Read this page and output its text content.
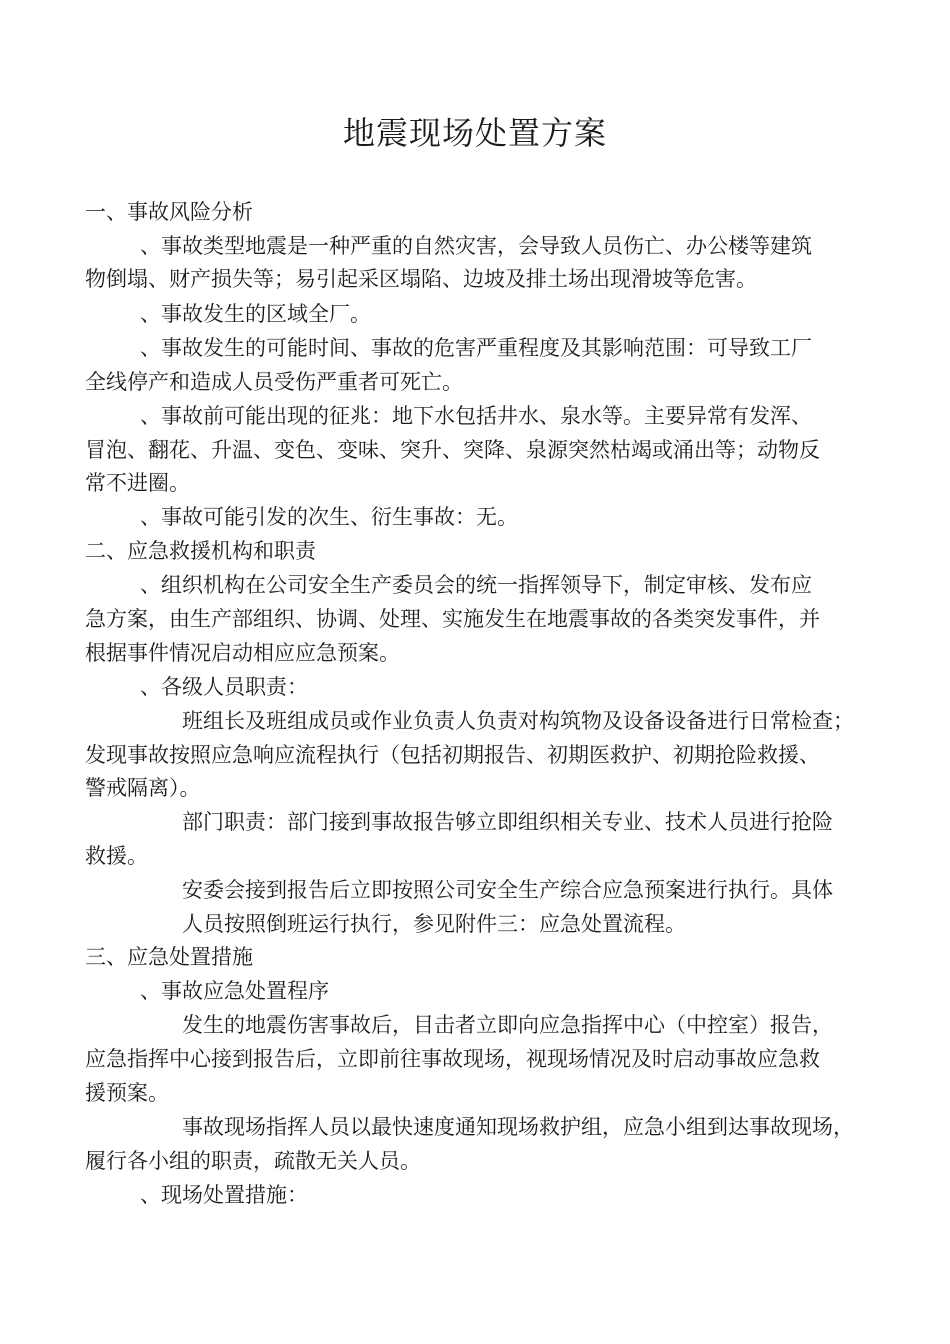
地震现场处置方案
一、事故风险分析
、事故类型地震是一种严重的自然灾害，会导致人员伤亡、办公楼等建筑
物倒塌、财产损失等；易引起采区塌陷、边坡及排土场出现滑坡等危害。
、事故发生的区域全厂。
、事故发生的可能时间、事故的危害严重程度及其影响范围：可导致工厂
全线停产和造成人员受伤严重者可死亡。
、事故前可能出现的征兆：地下水包括井水、泉水等。主要异常有发浑、
冒泡、翻花、升温、变色、变味、突升、突降、泉源突然枯竭或涌出等；动物反
常不进圈。
、事故可能引发的次生、衍生事故：无。
二、应急救援机构和职责
、组织机构在公司安全生产委员会的统一指挥领导下，制定审核、发布应
急方案，由生产部组织、协调、处理、实施发生在地震事故的各类突发事件，并
根据事件情况启动相应应急预案。
、各级人员职责：
班组长及班组成员或作业负责人负责对构筑物及设备设备进行日常检查；
发现事故按照应急响应流程执行（包括初期报告、初期医救护、初期抢险救援、
警戒隔离）。
部门职责：部门接到事故报告够立即组织相关专业、技术人员进行抢险
救援。
安委会接到报告后立即按照公司安全生产综合应急预案进行执行。具体
人员按照倒班运行执行，参见附件三：应急处置流程。
三、应急处置措施
、事故应急处置程序
发生的地震伤害事故后，目击者立即向应急指挥中心（中控室）报告，
应急指挥中心接到报告后，立即前往事故现场，视现场情况及时启动事故应急救
援预案。
事故现场指挥人员以最快速度通知现场救护组，应急小组到达事故现场，
履行各小组的职责，疏散无关人员。
、现场处置措施：
